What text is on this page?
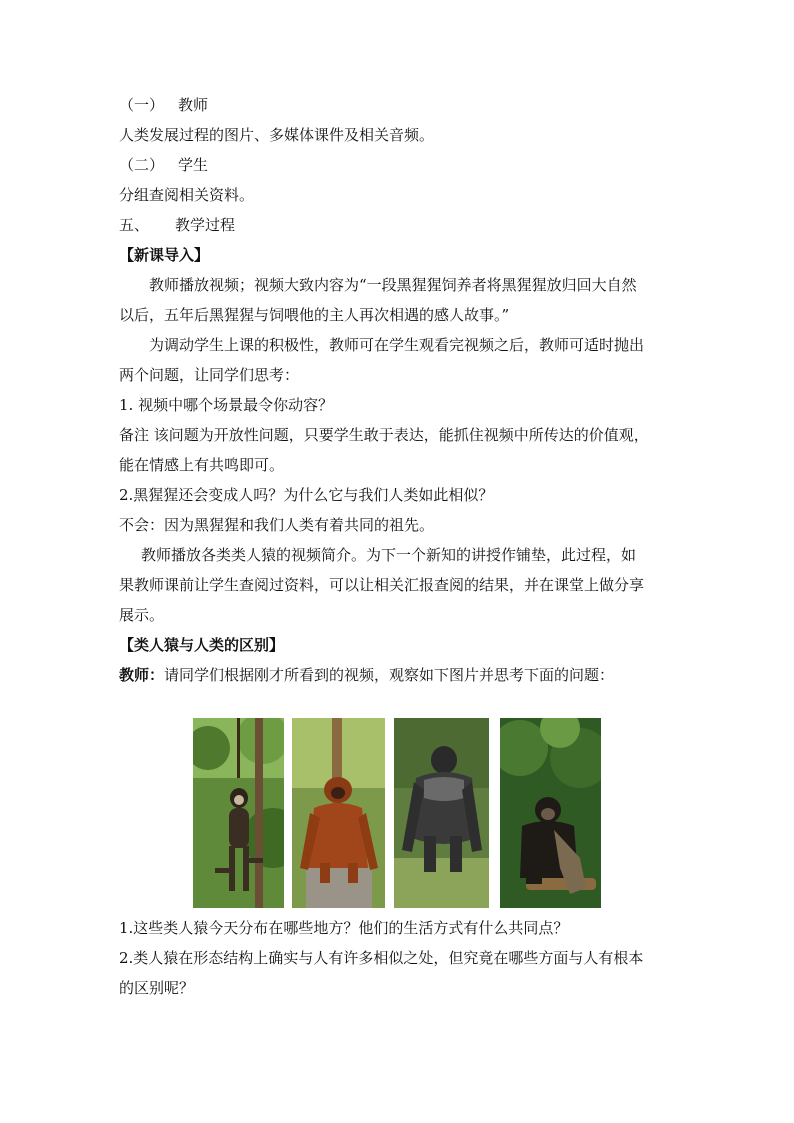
（一） 教师
人类发展过程的图片、多媒体课件及相关音频。
（二） 学生
分组查阅相关资料。
五、 教学过程
【新课导入】
教师播放视频；视频大致内容为“一段黑猩猩饲养者将黑猩猩放归回大自然
以后，五年后黑猩猩与饲喂他的主人再次相遇的感人故事。”
为调动学生上课的积极性，教师可在学生观看完视频之后，教师可适时抛出
两个问题，让同学们思考：
1. 视频中哪个场景最令你动容？
备注 该问题为开放性问题，只要学生敢于表达，能抓住视频中所传达的价值观，
能在情感上有共鸣即可。
2.黑猩猩还会变成人吗？为什么它与我们人类如此相似？
不会：因为黑猩猩和我们人类有着共同的祖先。
教师播放各类类人猿的视频简介。为下一个新知的讲授作铺垫，此过程，如
果教师课前让学生查阅过资料，可以让相关汇报查阅的结果，并在课堂上做分享
展示。
【类人猿与人类的区别】
教师：请同学们根据刚才所看到的视频，观察如下图片并思考下面的问题：
1.这些类人猿今天分布在哪些地方？他们的生活方式有什么共同点？
2.类人猿在形态结构上确实与人有许多相似之处，但究竟在哪些方面与人有根本
的区别呢？
